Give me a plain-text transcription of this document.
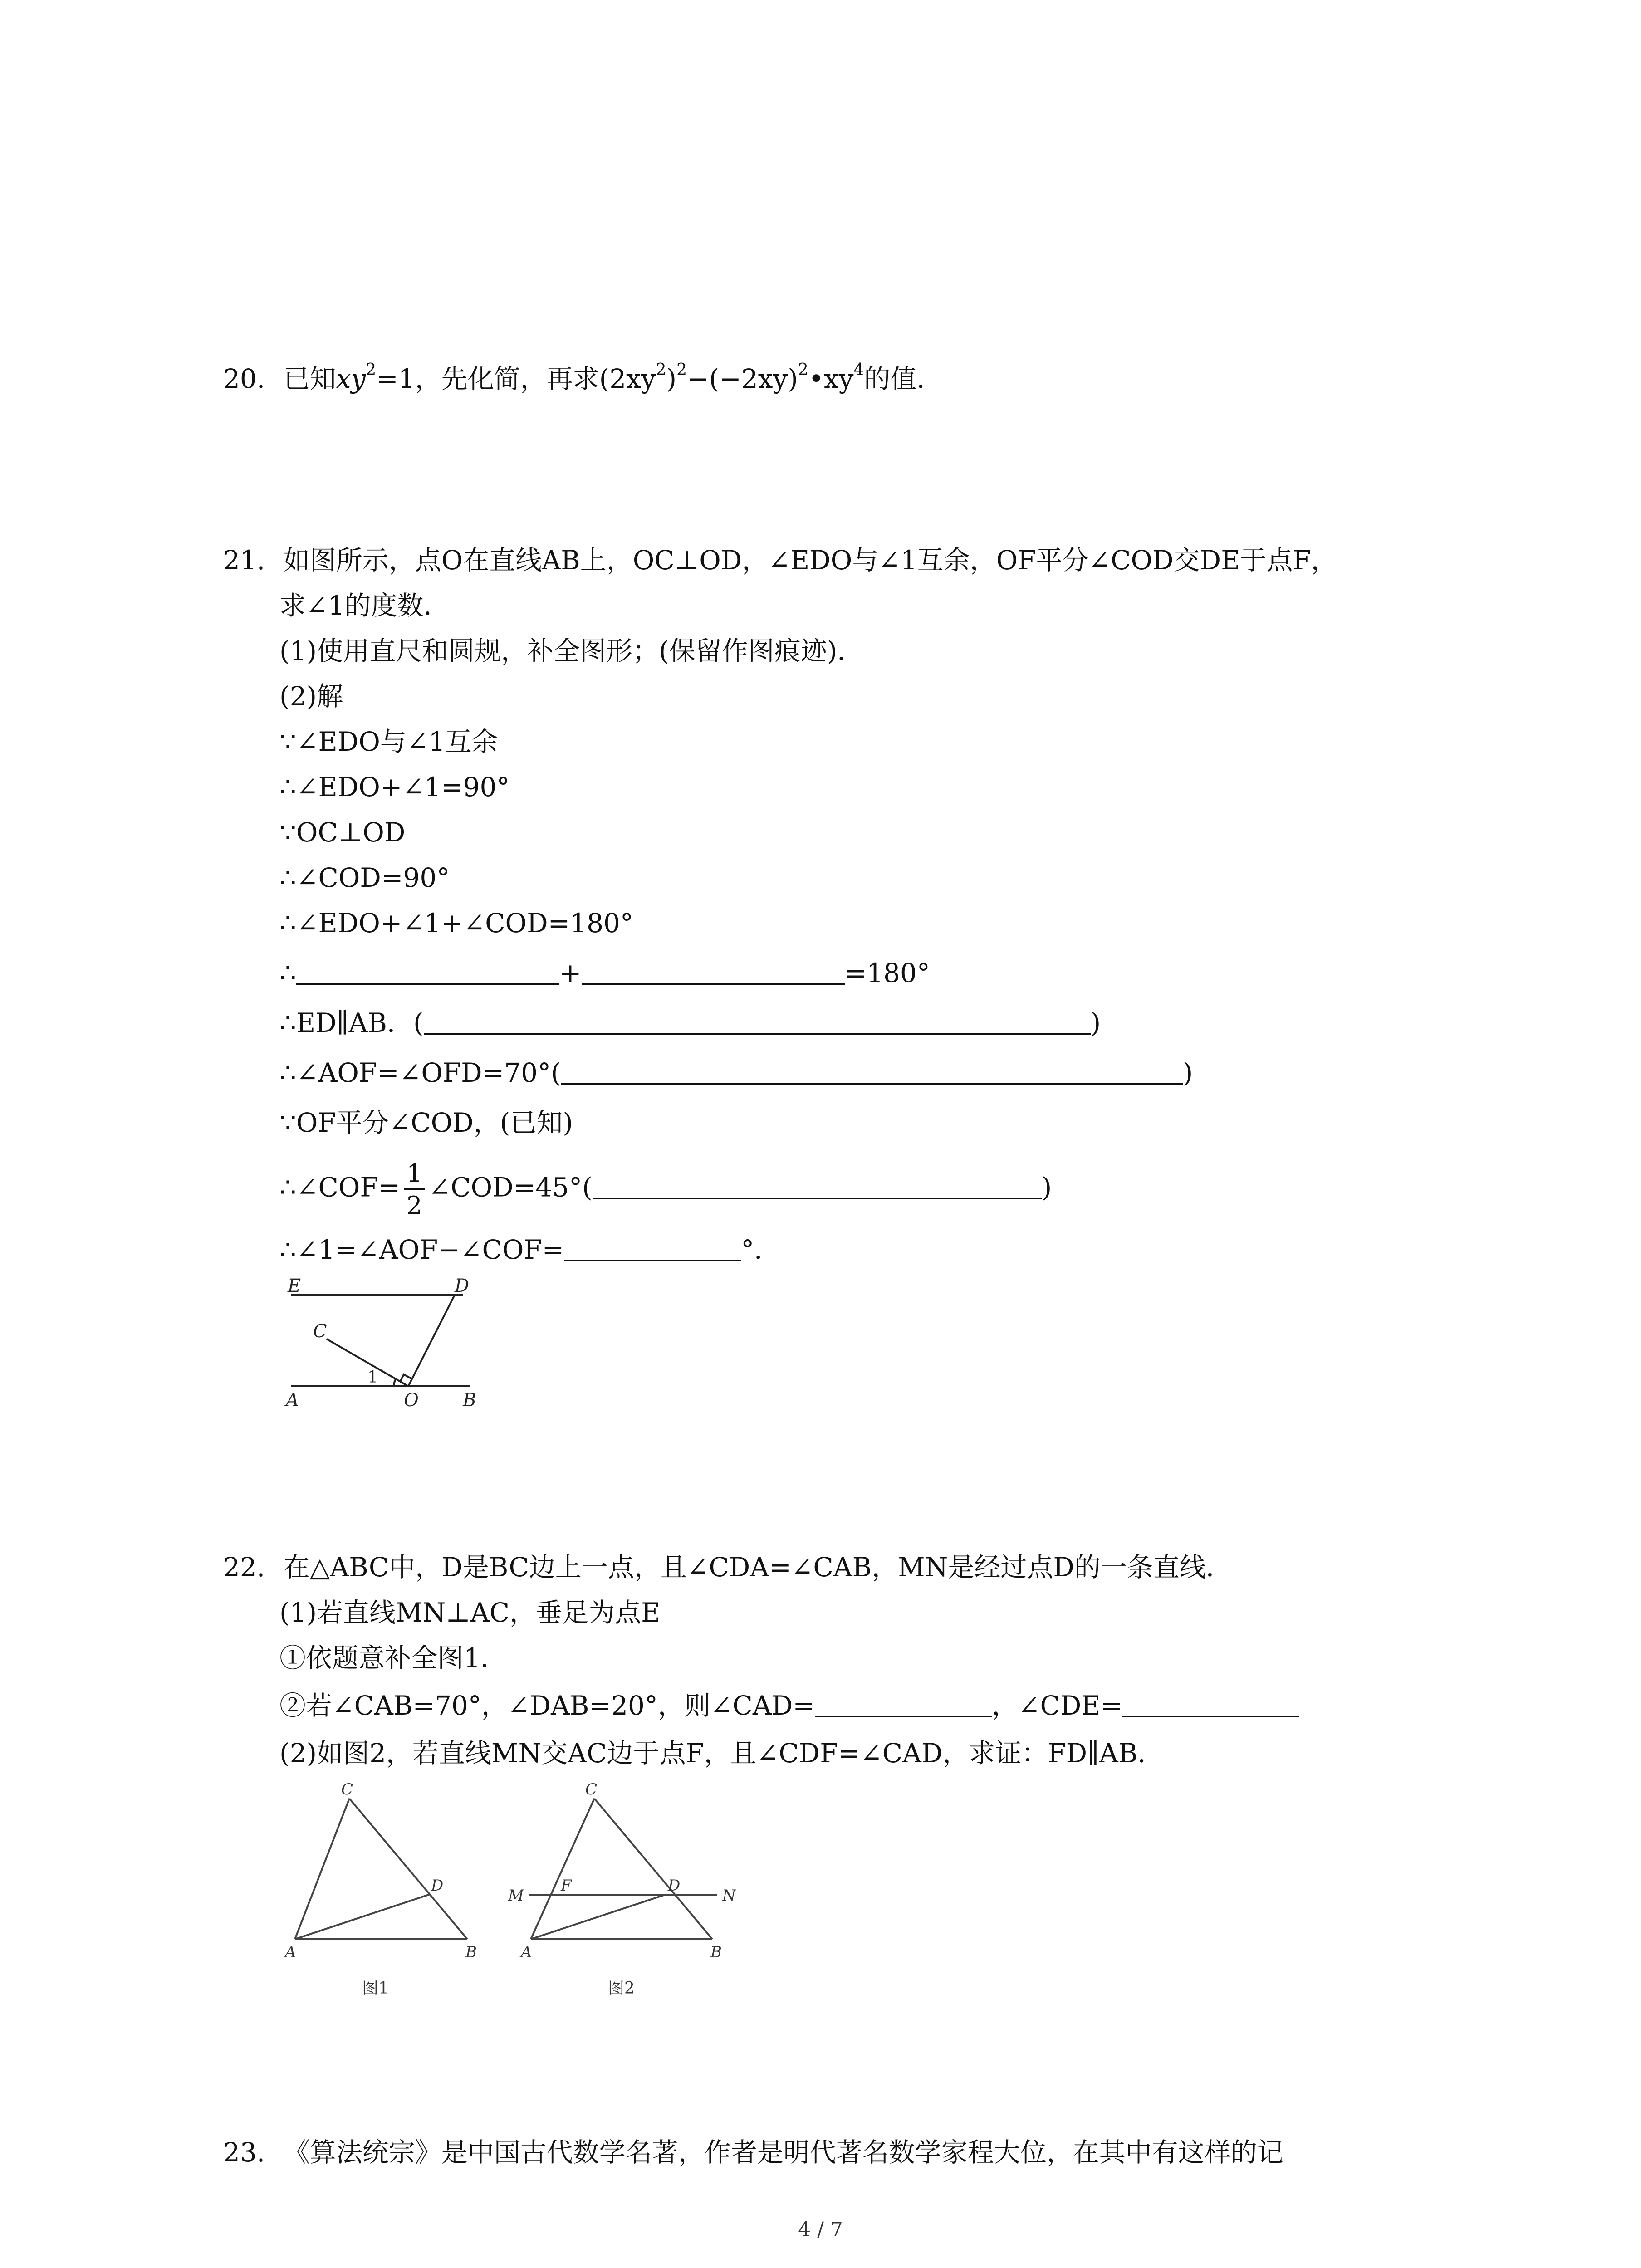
20. 已知$xy^2=1$，先化简，再求$(2xy^2)^2-(-2xy)^2•xy^4$的值．
21. 如图所示，点O在直线AB上，OC⊥OD，∠EDO与∠1互余，OF平分∠COD交DE于点F，
求∠1的度数．
(1)使用直尺和圆规，补全图形；(保留作图痕迹)．
(2)解
∵∠EDO与∠1互余
∴∠EDO+∠1=90°
∵OC⊥OD
∴∠COD=90°
∴∠EDO+∠1+∠COD=180°
∴	+	=180°
∴ED∥AB．(	)
∴∠AOF=∠OFD=70°(	)
∵OF平分∠COD，(已知)
∴∠COF= $\frac{1}{2}$ ∠COD=45°(	)
∴∠1=∠AOF−∠COF=	°．
E	D
C
1
A	O B
22. 在△ABC中，D是BC边上一点，且∠CDA=∠CAB，MN是经过点D的一条直线．
(1)若直线MN⊥AC，垂足为点E
①依题意补全图1．
②若∠CAB=70°，∠DAB=20°，则∠CAD=	，∠CDE=
(2)如图2，若直线MN交AC边于点F，且∠CDF=∠CAD，求证：FD∥AB．
C
D
A	B
图1
C
M
F	D
N
A	B
图2
23. 《算法统宗》是中国古代数学名著，作者是明代著名数学家程大位，在其中有这样的记
4 / 7
